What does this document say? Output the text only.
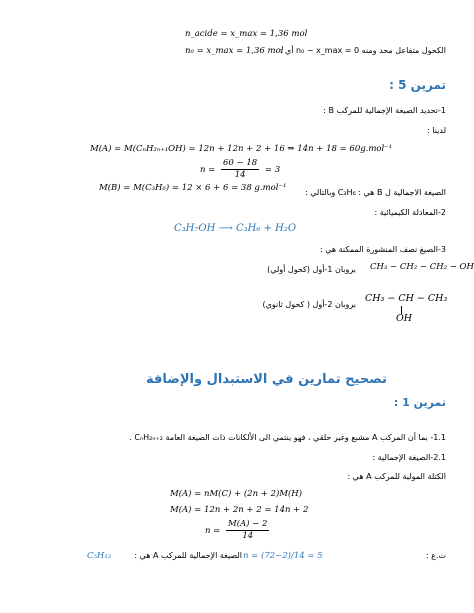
n_acide = x_max = 1,36 mol
n₀ = x_max = 1,36 mol
الكحول متفاعل محد ومنه 0 = n₀ − x_max أي :
تمرين 5 :
1-تحديد الصيغة الإجمالية للمركب B :
لدينا :
M(A) = M(CₙH₂ₙ₊₁OH) = 12n + 12n + 2 + 16 ⇒ 14n + 18 = 60g.mol⁻¹
$n = \frac{60 - 18}{14} = 3$
الصيغة الاجمالية ل B هي : C₃H₆ وبالتالي :
M(B) = M(C₃H₆) = 12 × 6 + 6 = 38 g.mol⁻¹
2-المعادلة الكيميائية :
C₃H₇OH ⟶ C₃H₆ + H₂O
3-الصيغ نصف المنشورة الممكنة هي :
CH₃ − CH₂ − CH₂ − OH
بروبان 1-أول (كحول أولي)
CH₃ − CH − CH₃
OH
بروبان 2-أول ( كحول ثانوي)
تصحيح تمارين في الاستبدال والإضافة
تمرين 1 :
1.1- بما أن المركب A مشبع وغير حلقي ، فهو ينتمي الى الألكانات ذات الصيغة العامة CₙH₂ₙ₊₂ .
2.1-الصيغة الإجمالية :
الكتلة المولية للمركب A هي :
M(A) = nM(C) + (2n + 2)M(H)
M(A) = 12n + 2n + 2 = 14n + 2
$n = \frac{M(A) - 2}{14}$
C₅H₁₂	الصيغة الإجمالية للمركب A هي : n = (72−2)/14 = 5	ت.ع :
